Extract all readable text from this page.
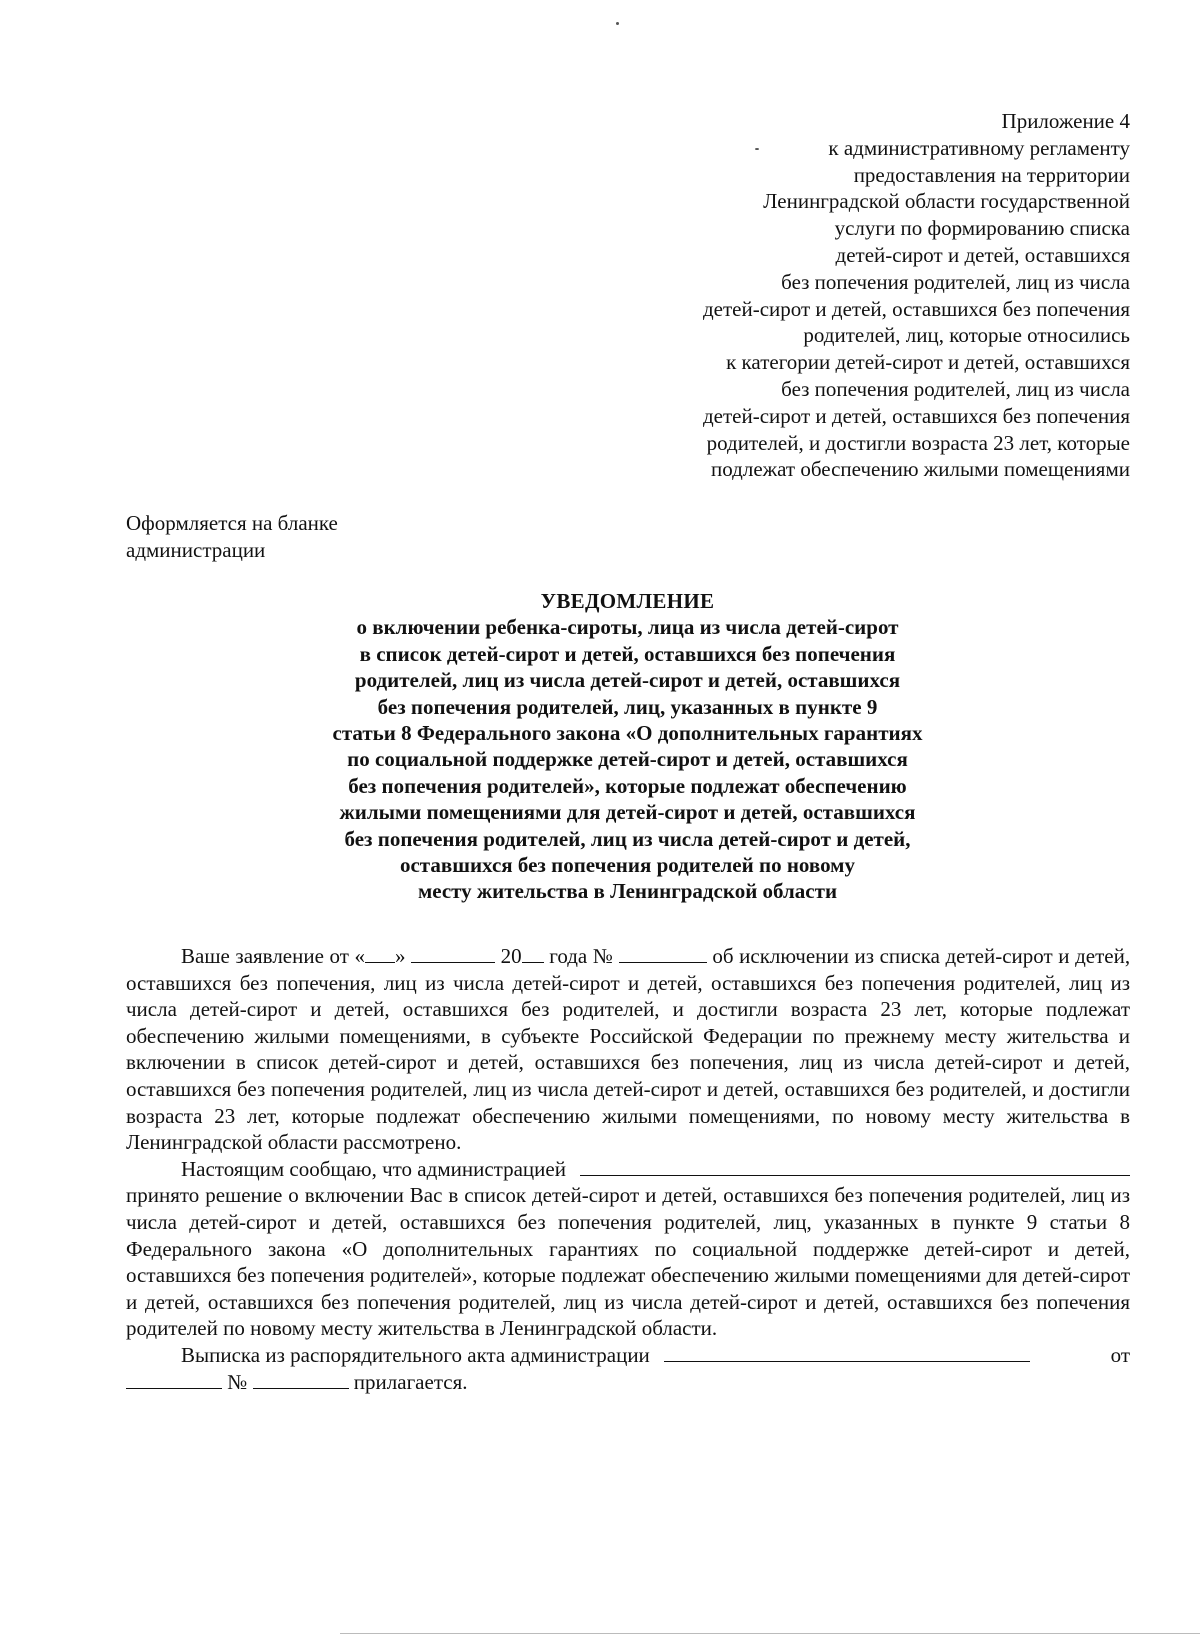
Приложение 4
к административному регламенту
предоставления на территории
Ленинградской области государственной
услуги по формированию списка
детей-сирот и детей, оставшихся
без попечения родителей, лиц из числа
детей-сирот и детей, оставшихся без попечения
родителей, лиц, которые относились
к категории детей-сирот и детей, оставшихся
без попечения родителей, лиц из числа
детей-сирот и детей, оставшихся без попечения
родителей, и достигли возраста 23 лет, которые
подлежат обеспечению жилыми помещениями
Оформляется на бланке
администрации
УВЕДОМЛЕНИЕ
о включении ребенка-сироты, лица из числа детей-сирот
в список детей-сирот и детей, оставшихся без попечения
родителей, лиц из числа детей-сирот и детей, оставшихся
без попечения родителей, лиц, указанных в пункте 9
статьи 8 Федерального закона «О дополнительных гарантиях
по социальной поддержке детей-сирот и детей, оставшихся
без попечения родителей», которые подлежат обеспечению
жилыми помещениями для детей-сирот и детей, оставшихся
без попечения родителей, лиц из числа детей-сирот и детей,
оставшихся без попечения родителей по новому
месту жительства в Ленинградской области

Ваше заявление от « »	20 года №	об исключении из списка детей-сирот и детей, оставшихся без попечения, лиц из числа детей-сирот и детей, оставшихся без попечения родителей, лиц из числа детей-сирот и детей, оставшихся без родителей, и достигли возраста 23 лет, которые подлежат обеспечению жилыми помещениями, в субъекте Российской Федерации по прежнему месту жительства и включении в список детей-сирот и детей, оставшихся без попечения, лиц из числа детей-сирот и детей, оставшихся без попечения родителей, лиц из числа детей-сирот и детей, оставшихся без родителей, и достигли возраста 23 лет, которые подлежат обеспечению жилыми помещениями, по новому месту жительства в Ленинградской области рассмотрено.

Настоящим сообщаю, что администрацией

принято решение о включении Вас в список детей-сирот и детей, оставшихся без попечения родителей, лиц из числа детей-сирот и детей, оставшихся без попечения родителей, лиц, указанных в пункте 9 статьи 8 Федерального закона «О дополнительных гарантиях по социальной поддержке детей-сирот и детей, оставшихся без попечения родителей», которые подлежат обеспечению жилыми помещениями для детей-сирот и детей, оставшихся без попечения родителей, лиц из числа детей-сирот и детей, оставшихся без попечения родителей по новому месту жительства в Ленинградской области.

Выписка из распорядительного акта администрации	от

№	прилагается.
